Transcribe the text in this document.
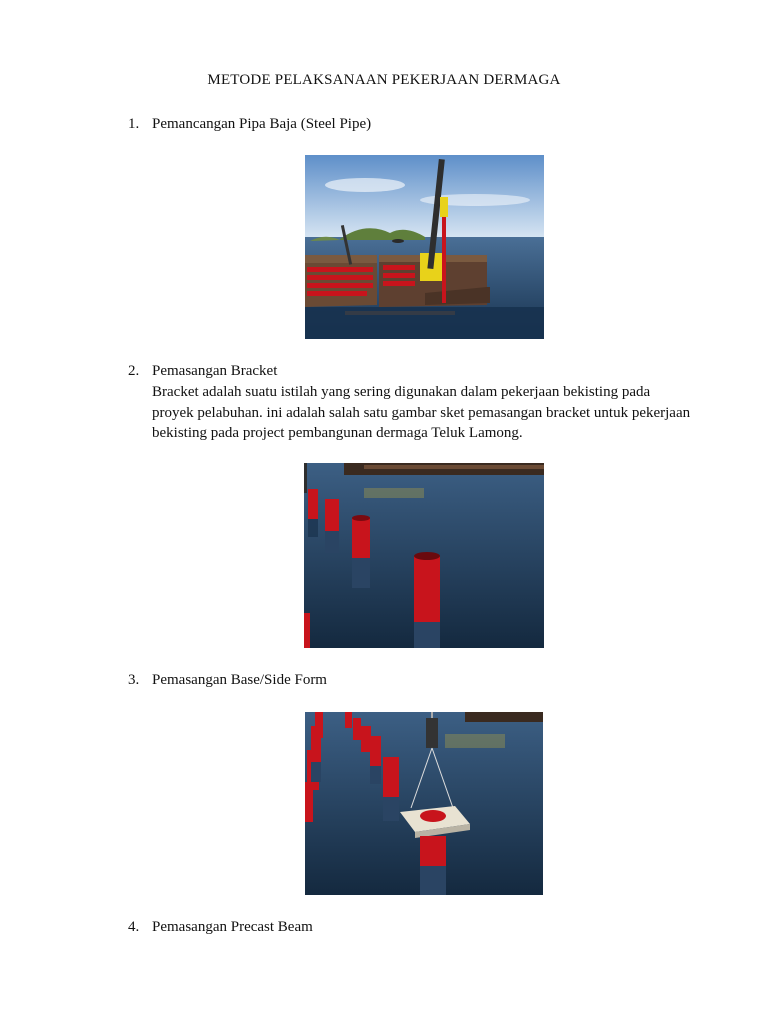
METODE PELAKSANAAN PEKERJAAN DERMAGA
1. Pemancangan Pipa Baja (Steel Pipe)
2. Pemasangan Bracket
Bracket adalah suatu istilah yang sering digunakan dalam pekerjaan bekisting pada
proyek pelabuhan. ini adalah salah satu gambar sket pemasangan bracket untuk pekerjaan
bekisting pada project pembangunan dermaga Teluk Lamong.
3. Pemasangan Base/Side Form
4. Pemasangan Precast Beam
